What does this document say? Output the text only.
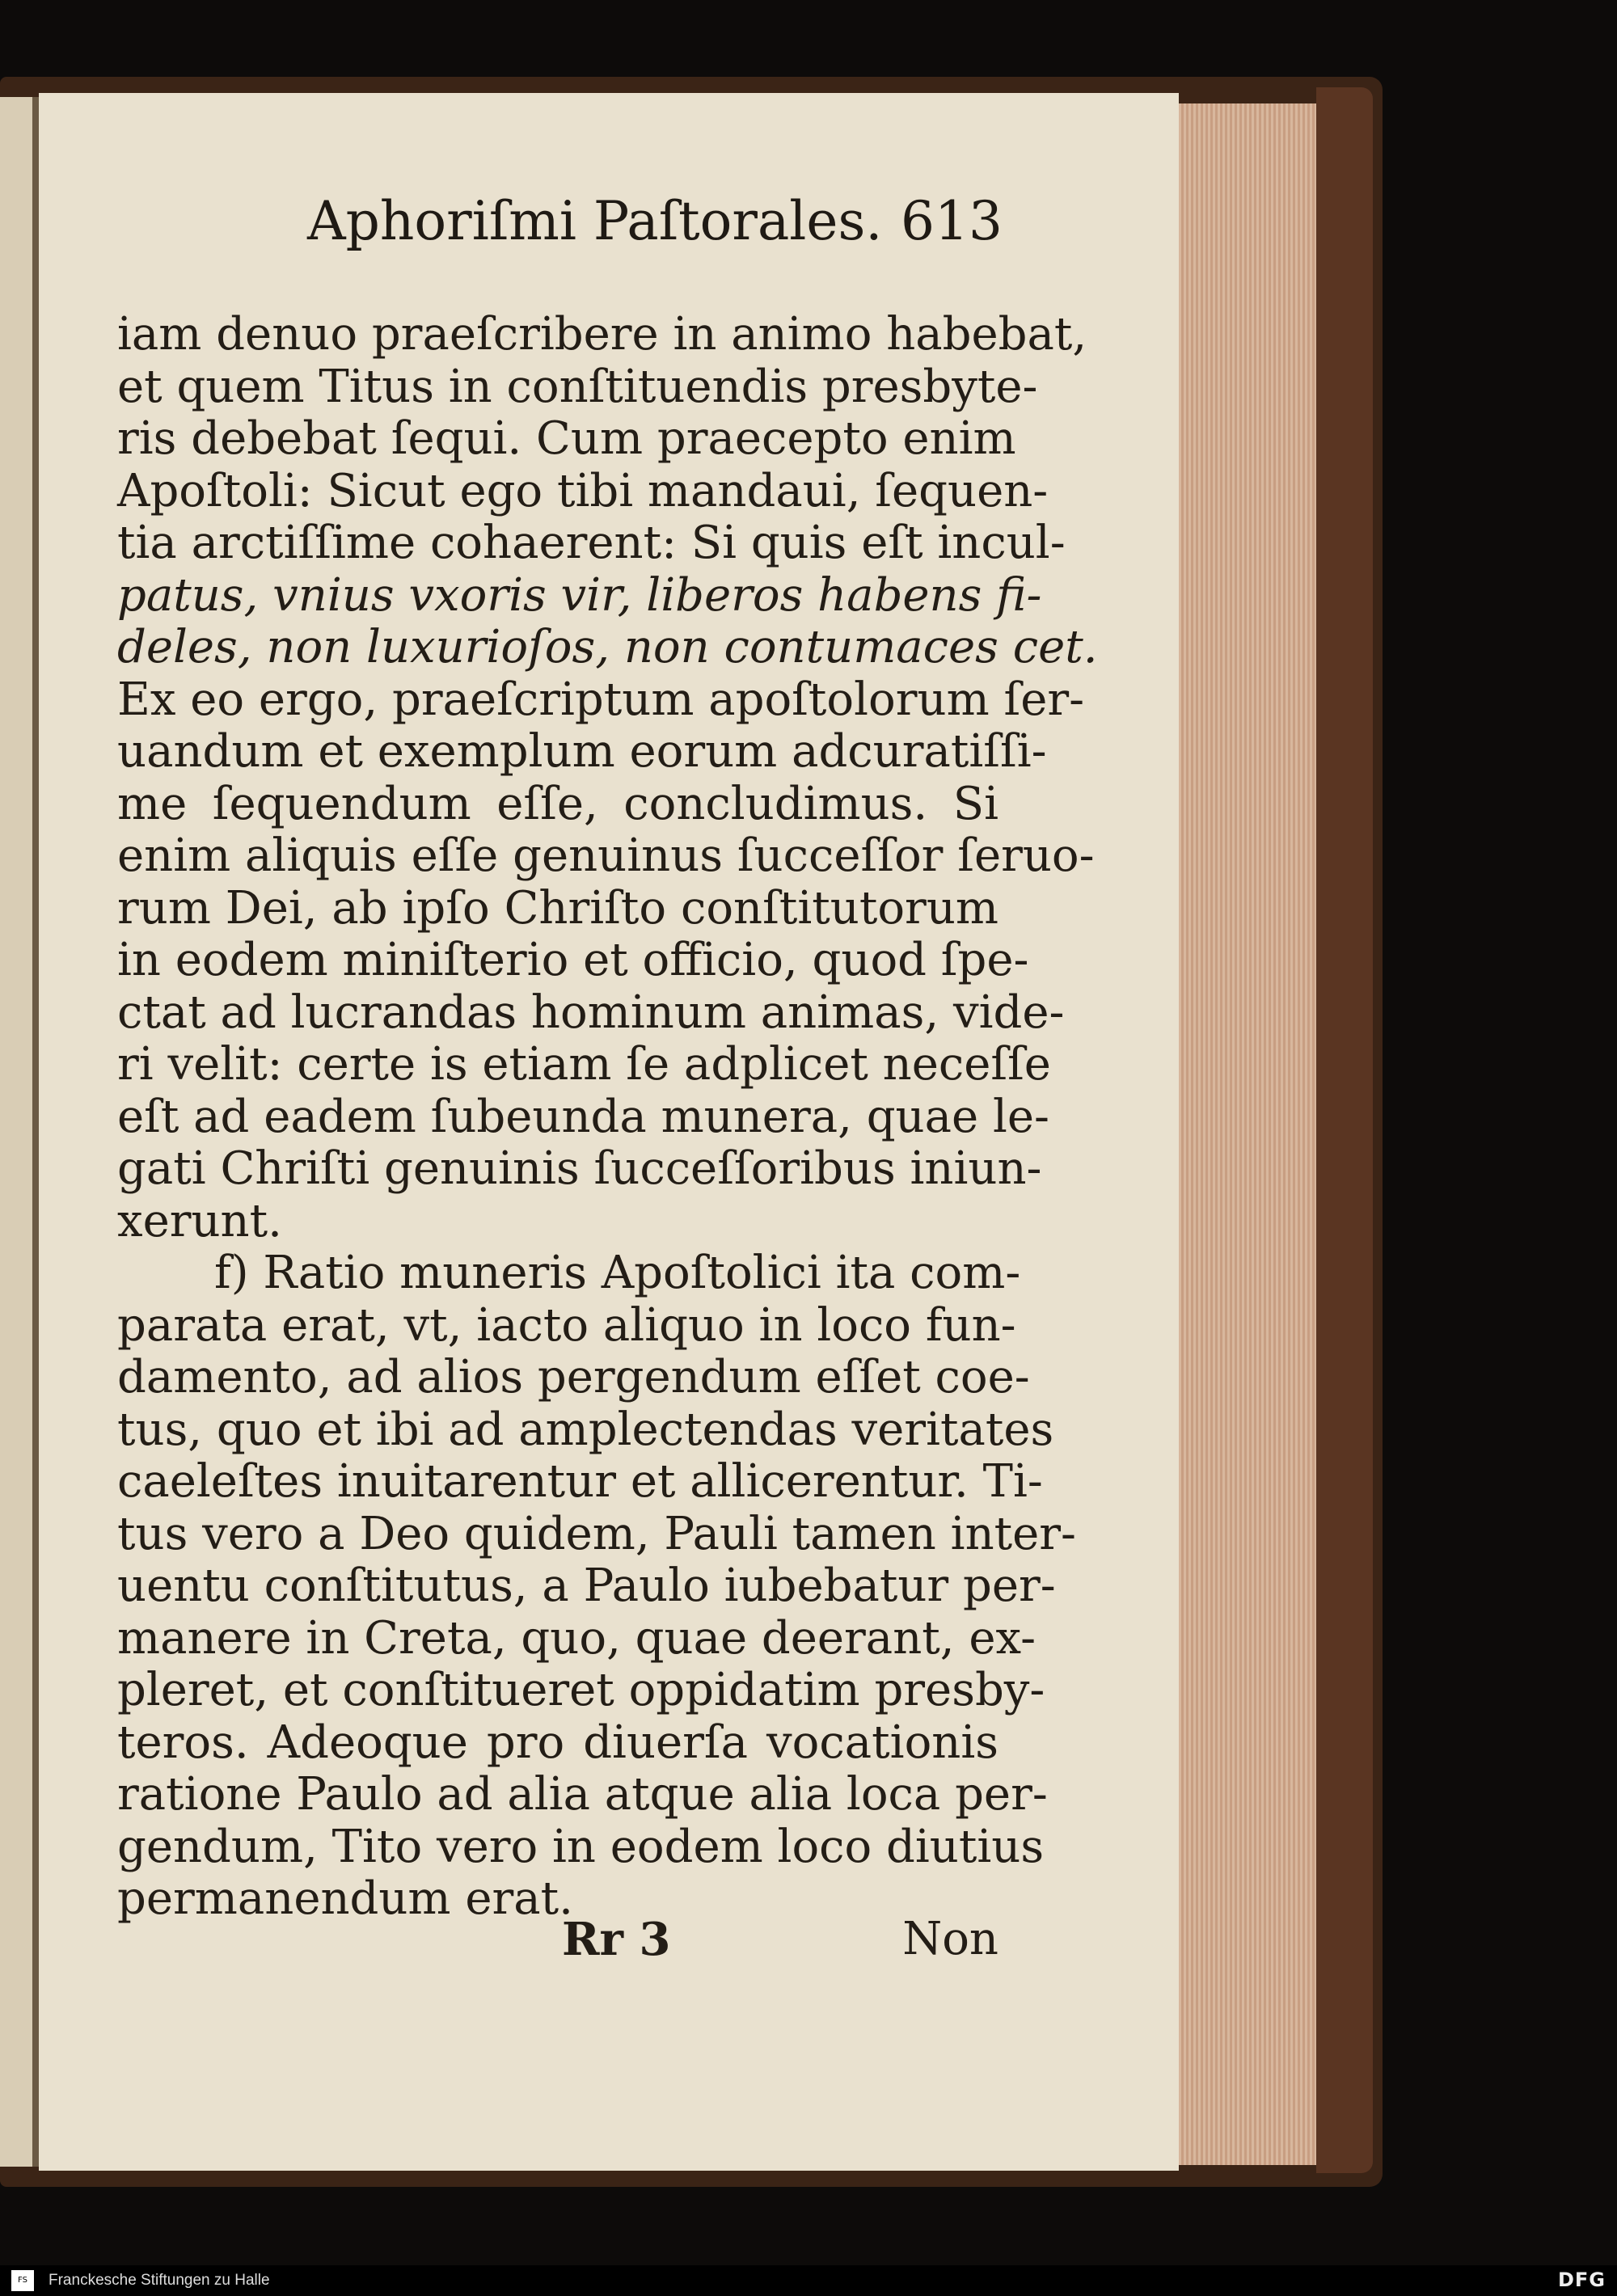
Aphoriſmi Paſtorales. 613
iam denuo praeſcribere in animo habebat,
et quem Titus in conſtituendis presbyte-
ris debebat ſequi. Cum praecepto enim
Apoſtoli: Sicut ego tibi mandaui, ſequen-
tia arctiſſime cohaerent: Si quis eſt incul-
patus, vnius vxoris vir, liberos habens fi-
deles, non luxurioſos, non contumaces cet.
Ex eo ergo, praeſcriptum apoſtolorum ſer-
uandum et exemplum eorum adcuratiſſi-
me ſequendum eſſe, concludimus. Si
enim aliquis eſſe genuinus ſucceſſor ſeruo-
rum Dei, ab ipſo Chriſto conſtitutorum
in eodem miniſterio et officio, quod ſpe-
ctat ad lucrandas hominum animas, vide-
ri velit: certe is etiam ſe adplicet neceſſe
eſt ad eadem ſubeunda munera, quae le-
gati Chriſti genuinis ſucceſſoribus iniun-
xerunt.
f) Ratio muneris Apoſtolici ita com-
parata erat, vt, iacto aliquo in loco fun-
damento, ad alios pergendum eſſet coe-
tus, quo et ibi ad amplectendas veritates
caeleſtes inuitarentur et allicerentur. Ti-
tus vero a Deo quidem, Pauli tamen inter-
uentu conſtitutus, a Paulo iubebatur per-
manere in Creta, quo, quae deerant, ex-
pleret, et conſtitueret oppidatim presby-
teros. Adeoque pro diuerſa vocationis
ratione Paulo ad alia atque alia loca per-
gendum, Tito vero in eodem loco diutius
permanendum erat.
Rr 3	Non
FS	Franckesche Stiftungen zu Halle	DFG
